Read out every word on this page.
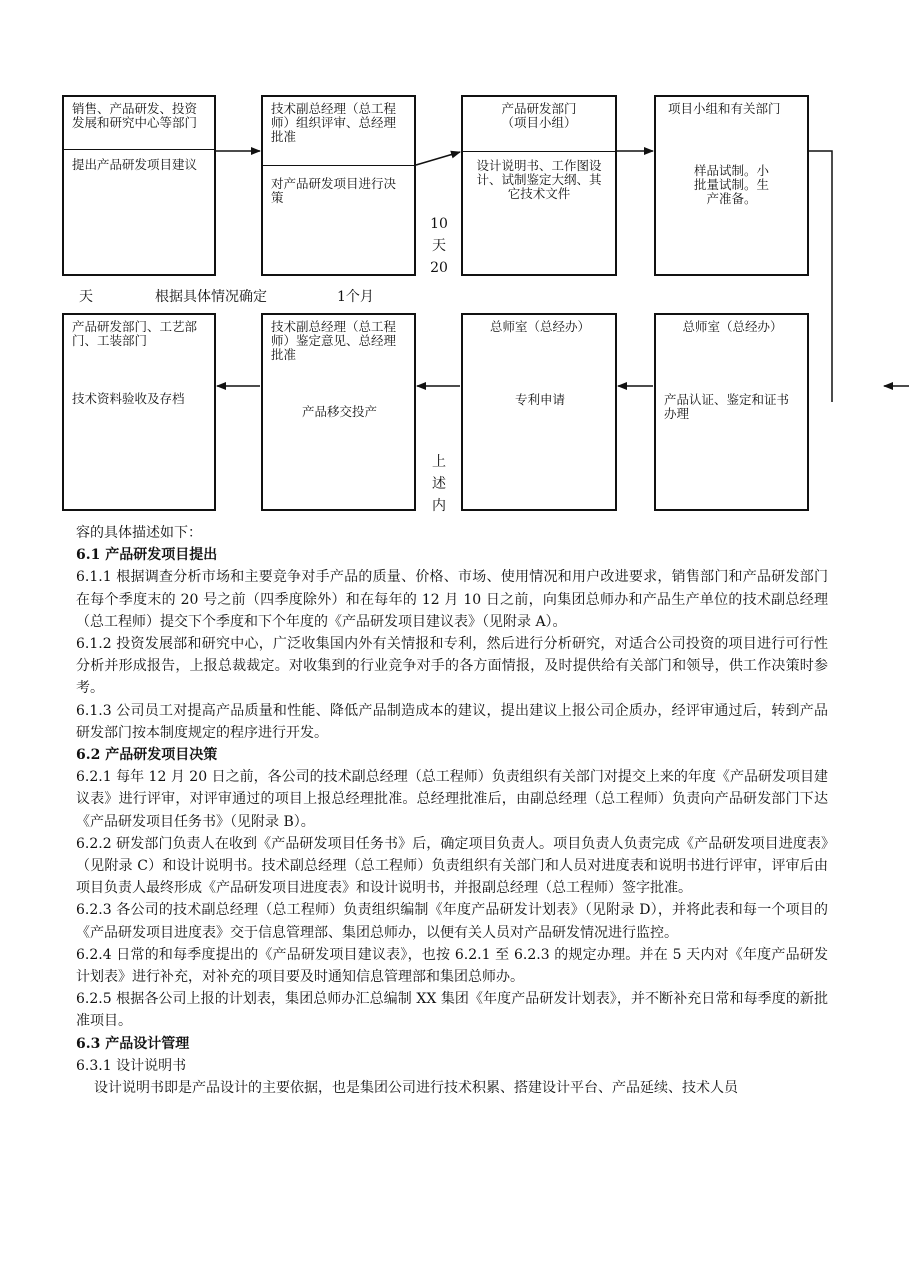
销售、产品研发、投资发展和研究中心等部门
提出产品研发项目建议
技术副总经理（总工程师）组织评审、总经理批准
对产品研发项目进行决策
产品研发部门（项目小组）
设计说明书、工作图设计、试制鉴定大纲、其它技术文件
项目小组和有关部门
样品试制。小批量试制。生产准备。
产品研发部门、工艺部门、工装部门
技术资料验收及存档
技术副总经理（总工程师）鉴定意见、总经理批准
产品移交投产
总师室（总经办）
专利申请
总师室（总经办）
产品认证、鉴定和证书办理
10
天
20
上
述
内
天	根据具体情况确定	1个月

容的具体描述如下：

6.1 产品研发项目提出

6.1.1 根据调查分析市场和主要竞争对手产品的质量、价格、市场、使用情况和用户改进要求，销售部门和产品研发部门在每个季度末的 20 号之前（四季度除外）和在每年的 12 月 10 日之前，向集团总师办和产品生产单位的技术副总经理（总工程师）提交下个季度和下个年度的《产品研发项目建议表》（见附录 A）。

6.1.2 投资发展部和研究中心，广泛收集国内外有关情报和专利，然后进行分析研究，对适合公司投资的项目进行可行性分析并形成报告，上报总裁裁定。对收集到的行业竞争对手的各方面情报，及时提供给有关部门和领导，供工作决策时参考。

6.1.3 公司员工对提高产品质量和性能、降低产品制造成本的建议，提出建议上报公司企质办，经评审通过后，转到产品研发部门按本制度规定的程序进行开发。

6.2 产品研发项目决策

6.2.1 每年 12 月 20 日之前，各公司的技术副总经理（总工程师）负责组织有关部门对提交上来的年度《产品研发项目建议表》进行评审，对评审通过的项目上报总经理批准。总经理批准后，由副总经理（总工程师）负责向产品研发部门下达《产品研发项目任务书》（见附录 B）。

6.2.2 研发部门负责人在收到《产品研发项目任务书》后，确定项目负责人。项目负责人负责完成《产品研发项目进度表》（见附录 C）和设计说明书。技术副总经理（总工程师）负责组织有关部门和人员对进度表和说明书进行评审，评审后由项目负责人最终形成《产品研发项目进度表》和设计说明书，并报副总经理（总工程师）签字批准。

6.2.3 各公司的技术副总经理（总工程师）负责组织编制《年度产品研发计划表》（见附录 D），并将此表和每一个项目的《产品研发项目进度表》交于信息管理部、集团总师办，以便有关人员对产品研发情况进行监控。

6.2.4 日常的和每季度提出的《产品研发项目建议表》，也按 6.2.1 至 6.2.3 的规定办理。并在 5 天内对《年度产品研发计划表》进行补充，对补充的项目要及时通知信息管理部和集团总师办。

6.2.5 根据各公司上报的计划表，集团总师办汇总编制 XX 集团《年度产品研发计划表》，并不断补充日常和每季度的新批准项目。

6.3 产品设计管理

6.3.1 设计说明书

设计说明书即是产品设计的主要依据，也是集团公司进行技术积累、搭建设计平台、产品延续、技术人员
